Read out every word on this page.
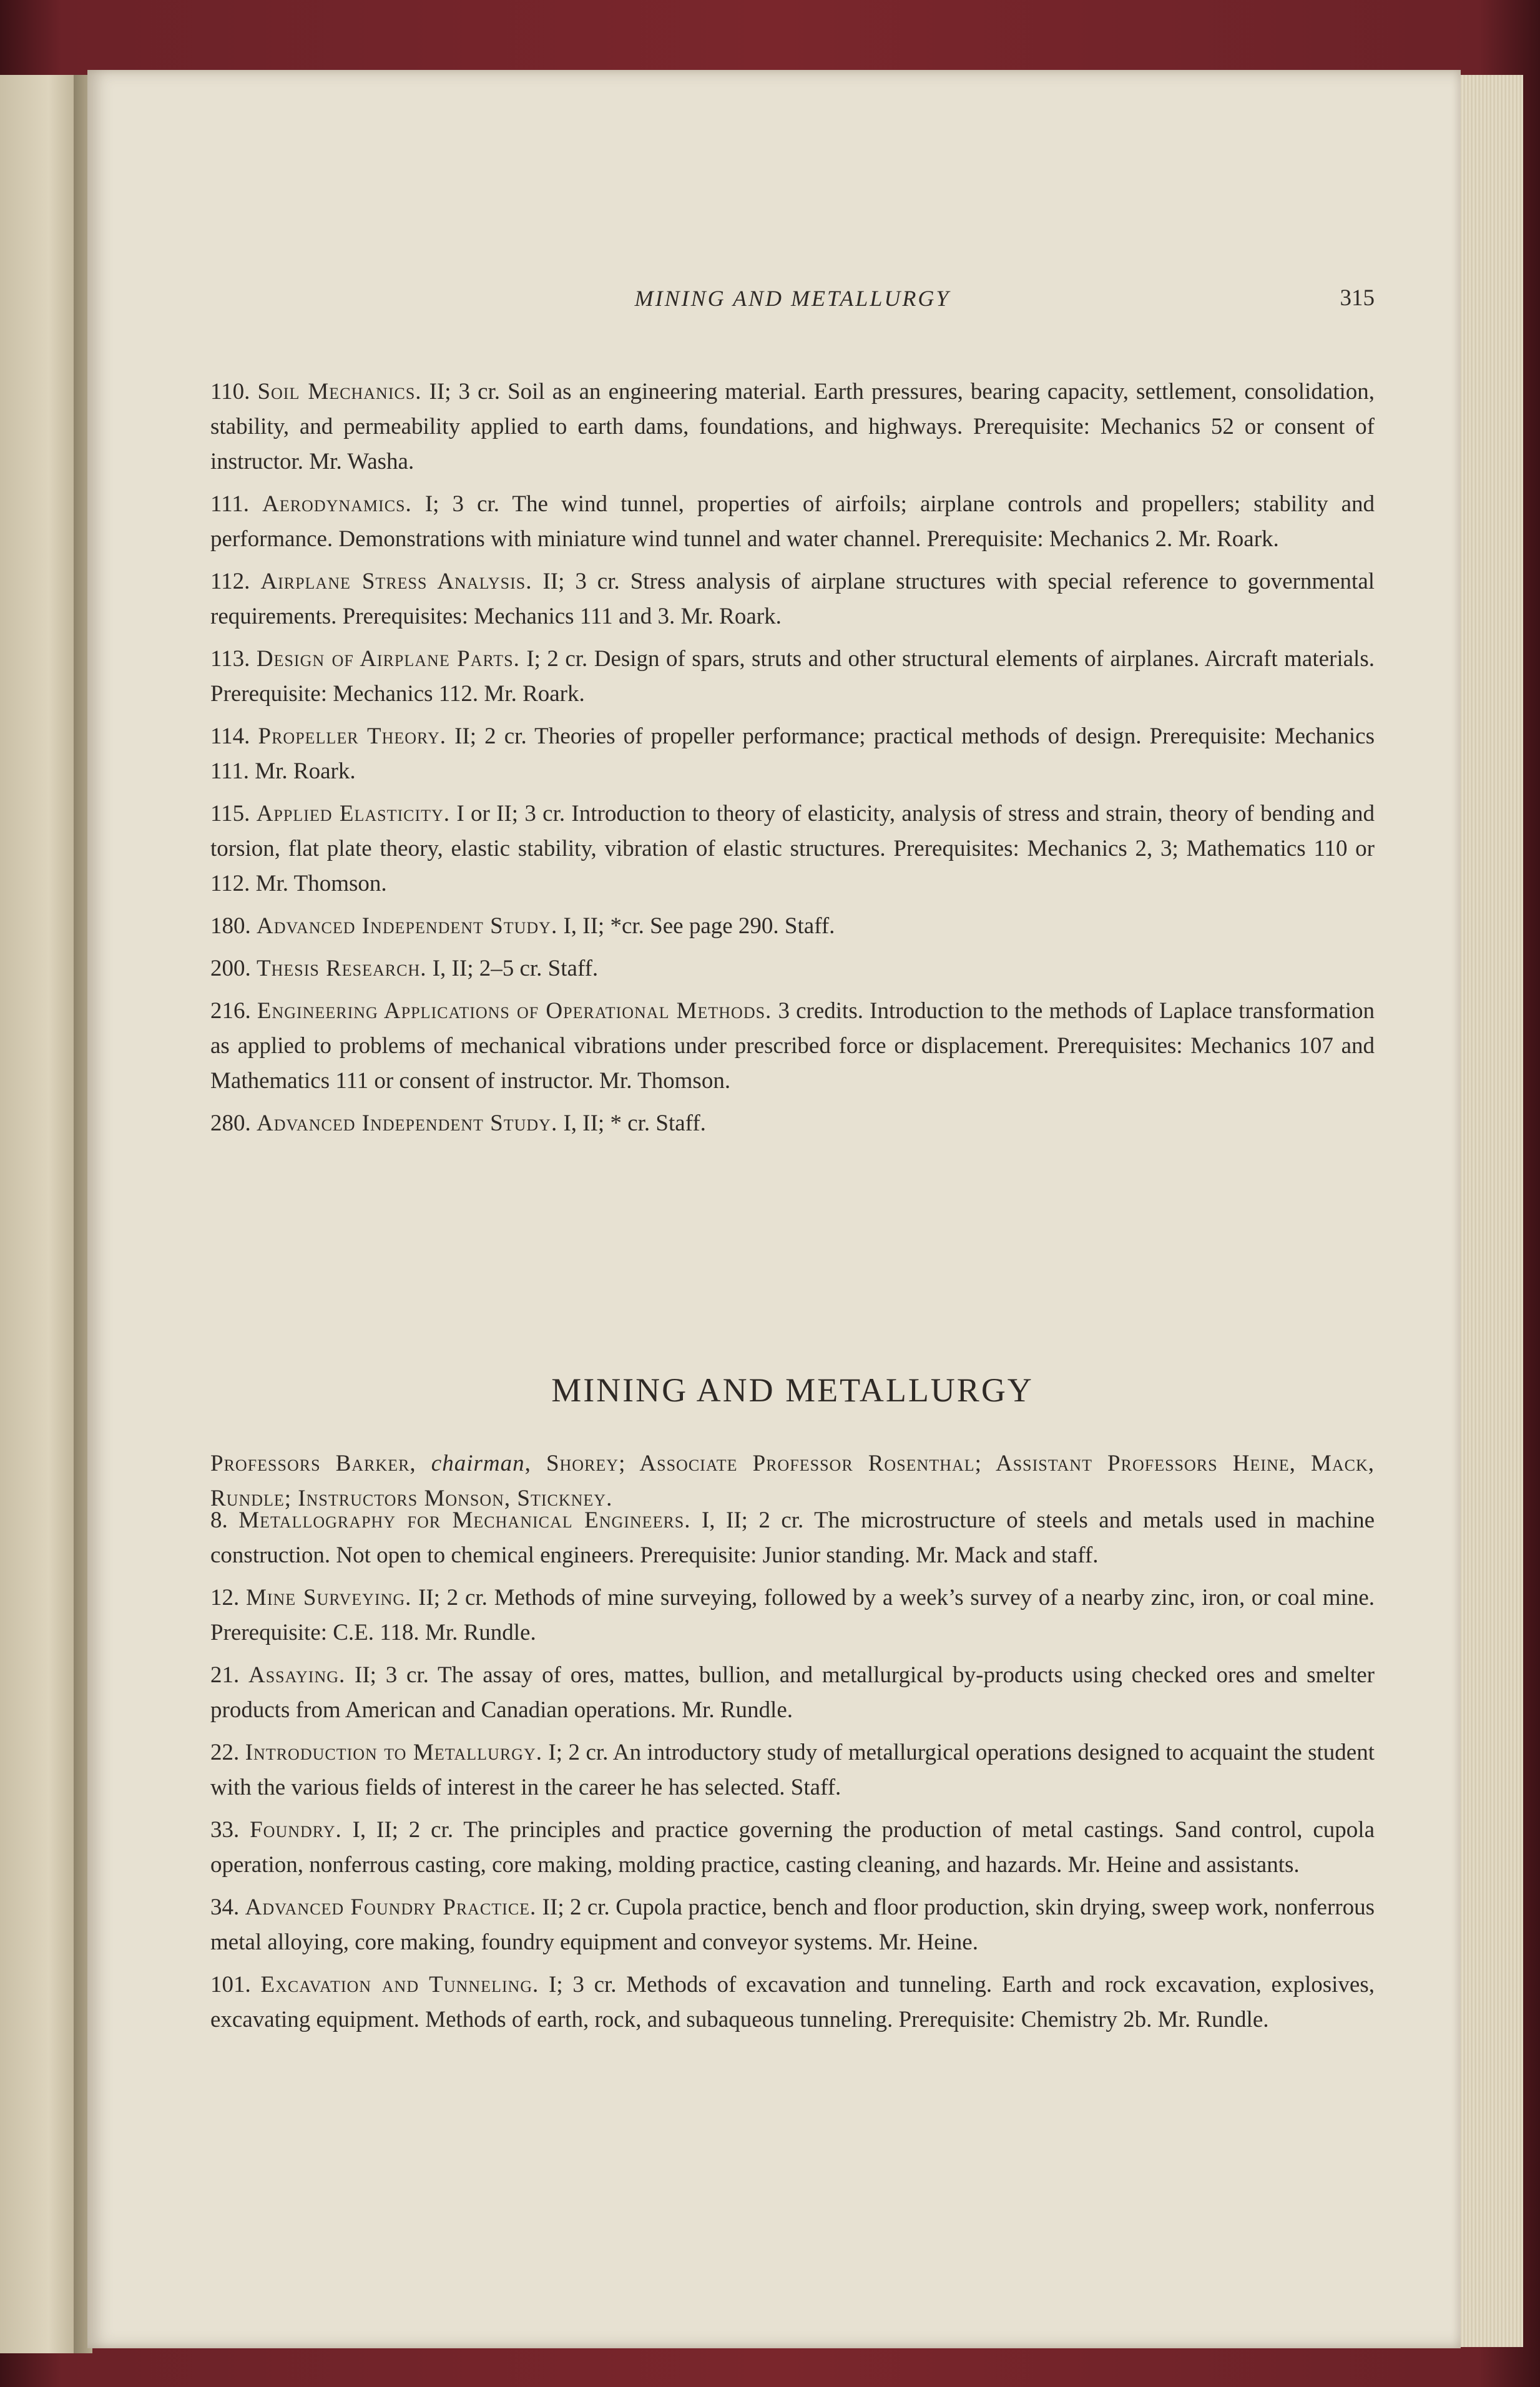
MINING AND METALLURGY	315

110. Soil Mechanics. II; 3 cr. Soil as an engineering material. Earth pressures, bearing capacity, settlement, consolidation, stability, and permeability applied to earth dams, foundations, and highways. Prerequisite: Mechanics 52 or consent of instructor. Mr. Washa.

111. Aerodynamics. I; 3 cr. The wind tunnel, properties of airfoils; airplane controls and propellers; stability and performance. Demonstrations with miniature wind tunnel and water channel. Prerequisite: Mechanics 2. Mr. Roark.

112. Airplane Stress Analysis. II; 3 cr. Stress analysis of airplane structures with special reference to governmental requirements. Prerequisites: Mechanics 111 and 3. Mr. Roark.

113. Design of Airplane Parts. I; 2 cr. Design of spars, struts and other structural elements of airplanes. Aircraft materials. Prerequisite: Mechanics 112. Mr. Roark.

114. Propeller Theory. II; 2 cr. Theories of propeller performance; practical methods of design. Prerequisite: Mechanics 111. Mr. Roark.

115. Applied Elasticity. I or II; 3 cr. Introduction to theory of elasticity, analysis of stress and strain, theory of bending and torsion, flat plate theory, elastic stability, vibration of elastic structures. Prerequisites: Mechanics 2, 3; Mathematics 110 or 112. Mr. Thomson.

180. Advanced Independent Study. I, II; *cr. See page 290. Staff.

200. Thesis Research. I, II; 2–5 cr. Staff.

216. Engineering Applications of Operational Methods. 3 credits. Introduction to the methods of Laplace transformation as applied to problems of mechanical vibrations under prescribed force or displacement. Prerequisites: Mechanics 107 and Mathematics 111 or consent of instructor. Mr. Thomson.

280. Advanced Independent Study. I, II; * cr. Staff.

MINING AND METALLURGY

Professors Barker, chairman, Shorey; Associate Professor Rosenthal; Assistant Professors Heine, Mack, Rundle; Instructors Monson, Stickney.

8. Metallography for Mechanical Engineers. I, II; 2 cr. The microstructure of steels and metals used in machine construction. Not open to chemical engineers. Prerequisite: Junior standing. Mr. Mack and staff.

12. Mine Surveying. II; 2 cr. Methods of mine surveying, followed by a week’s survey of a nearby zinc, iron, or coal mine. Prerequisite: C.E. 118. Mr. Rundle.

21. Assaying. II; 3 cr. The assay of ores, mattes, bullion, and metallurgical by-products using checked ores and smelter products from American and Canadian operations. Mr. Rundle.

22. Introduction to Metallurgy. I; 2 cr. An introductory study of metallurgical operations designed to acquaint the student with the various fields of interest in the career he has selected. Staff.

33. Foundry. I, II; 2 cr. The principles and practice governing the production of metal castings. Sand control, cupola operation, nonferrous casting, core making, molding practice, casting cleaning, and hazards. Mr. Heine and assistants.

34. Advanced Foundry Practice. II; 2 cr. Cupola practice, bench and floor production, skin drying, sweep work, nonferrous metal alloying, core making, foundry equipment and conveyor systems. Mr. Heine.

101. Excavation and Tunneling. I; 3 cr. Methods of excavation and tunneling. Earth and rock excavation, explosives, excavating equipment. Methods of earth, rock, and subaqueous tunneling. Prerequisite: Chemistry 2b. Mr. Rundle.
